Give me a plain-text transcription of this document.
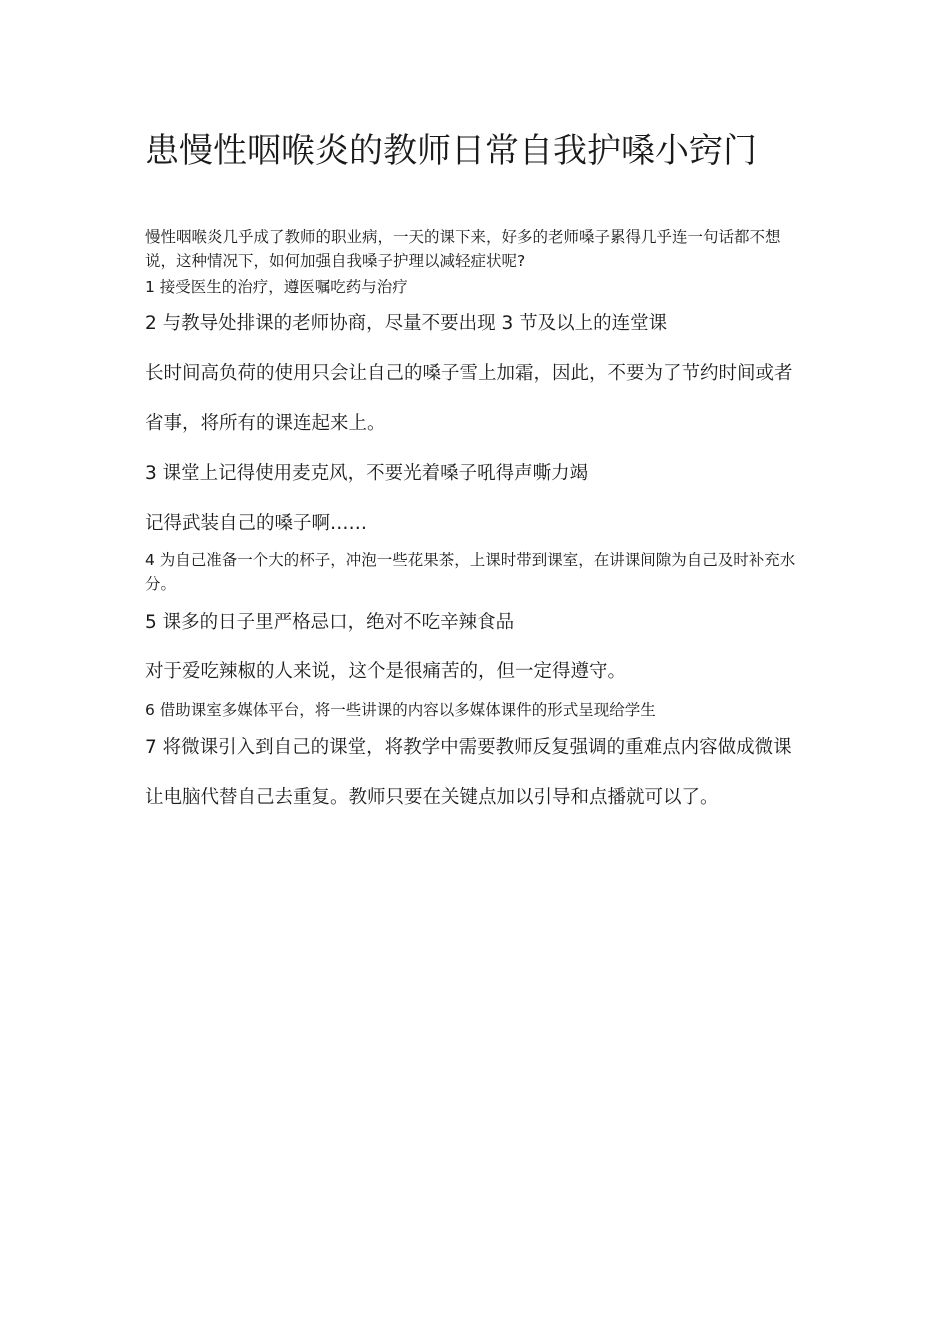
患慢性咽喉炎的教师日常自我护嗓小窍门

慢性咽喉炎几乎成了教师的职业病，一天的课下来，好多的老师嗓子累得几乎连一句话都不想说，这种情况下，如何加强自我嗓子护理以减轻症状呢?

1 接受医生的治疗，遵医嘱吃药与治疗

2 与教导处排课的老师协商，尽量不要出现 3 节及以上的连堂课

长时间高负荷的使用只会让自己的嗓子雪上加霜，因此，不要为了节约时间或者

省事，将所有的课连起来上。

3 课堂上记得使用麦克风，不要光着嗓子吼得声嘶力竭

记得武装自己的嗓子啊……

4 为自己准备一个大的杯子，冲泡一些花果茶，上课时带到课室，在讲课间隙为自己及时补充水分。

5 课多的日子里严格忌口，绝对不吃辛辣食品

对于爱吃辣椒的人来说，这个是很痛苦的，但一定得遵守。

6 借助课室多媒体平台，将一些讲课的内容以多媒体课件的形式呈现给学生

7 将微课引入到自己的课堂，将教学中需要教师反复强调的重难点内容做成微课

让电脑代替自己去重复。教师只要在关键点加以引导和点播就可以了。
